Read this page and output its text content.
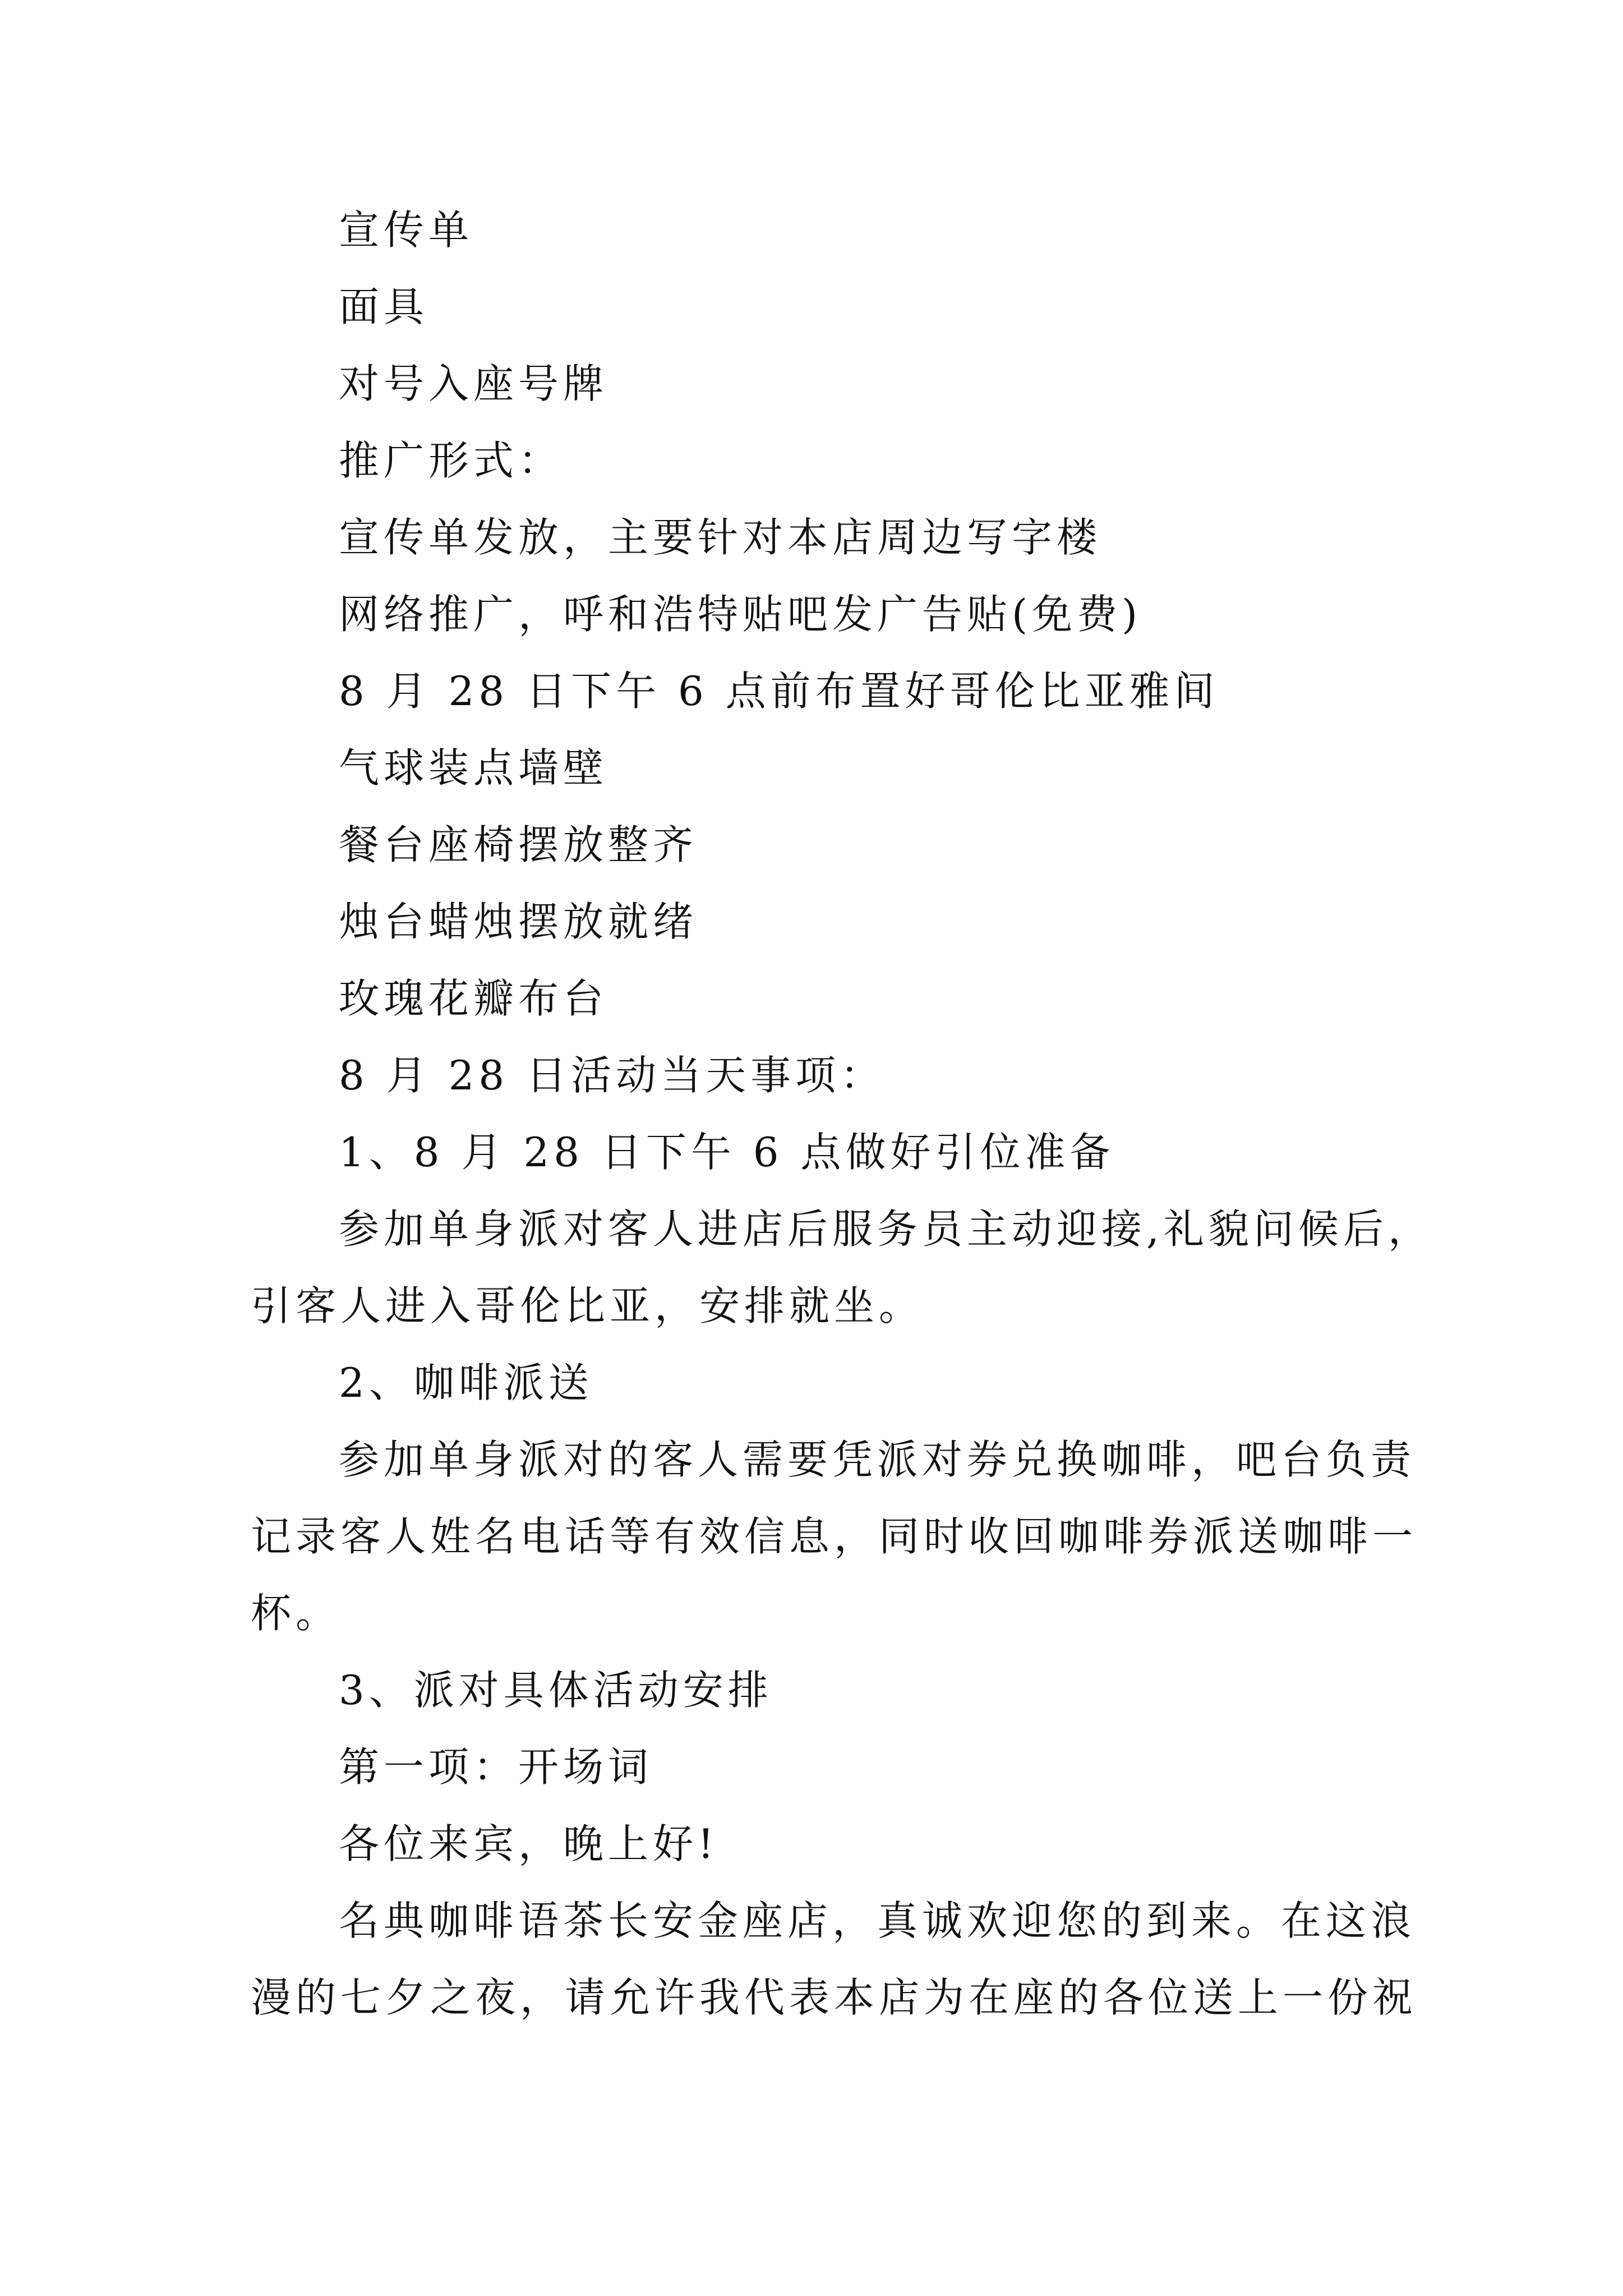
宣传单
面具
对号入座号牌
推广形式：
宣传单发放，主要针对本店周边写字楼
网络推广，呼和浩特贴吧发广告贴(免费)
8 月 28 日下午 6 点前布置好哥伦比亚雅间
气球装点墙壁
餐台座椅摆放整齐
烛台蜡烛摆放就绪
玫瑰花瓣布台
8 月 28 日活动当天事项：
1、8 月 28 日下午 6 点做好引位准备
参加单身派对客人进店后服务员主动迎接,礼貌问候后，
引客人进入哥伦比亚，安排就坐。
2、咖啡派送
参加单身派对的客人需要凭派对券兑换咖啡，吧台负责
记录客人姓名电话等有效信息，同时收回咖啡券派送咖啡一
杯。
3、派对具体活动安排
第一项：开场词
各位来宾，晚上好!
名典咖啡语茶长安金座店，真诚欢迎您的到来。在这浪
漫的七夕之夜，请允许我代表本店为在座的各位送上一份祝
